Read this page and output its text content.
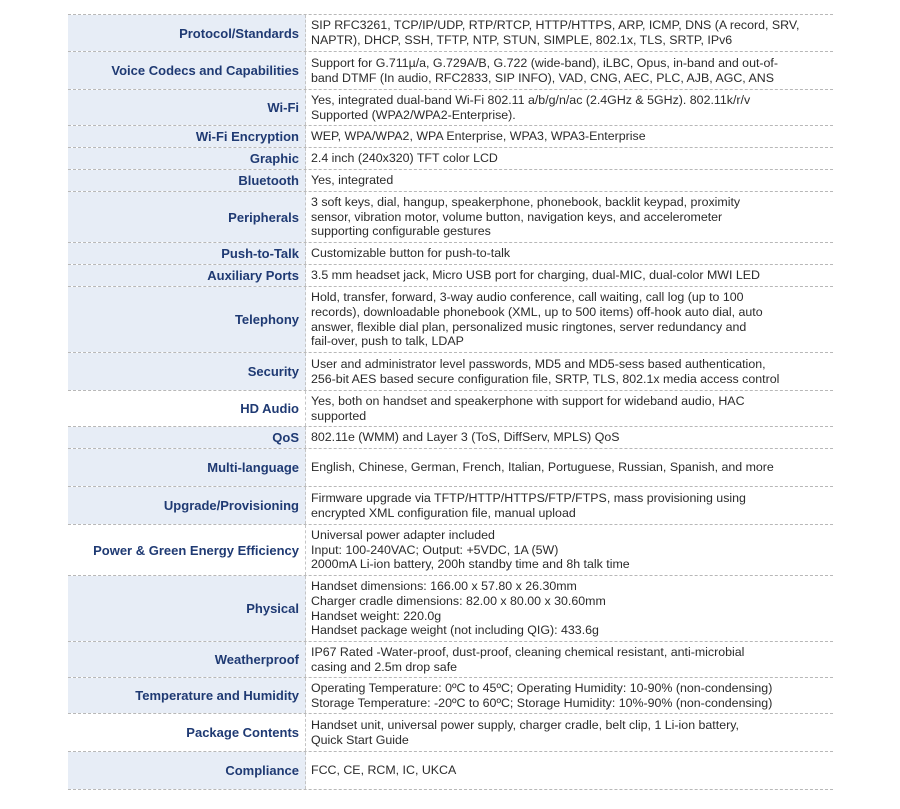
Protocol/Standards
SIP RFC3261, TCP/IP/UDP, RTP/RTCP, HTTP/HTTPS, ARP, ICMP, DNS (A record, SRV,
NAPTR), DHCP, SSH, TFTP, NTP, STUN, SIMPLE, 802.1x, TLS, SRTP, IPv6
Voice Codecs and Capabilities
Support for G.711µ/a, G.729A/B, G.722 (wide-band), iLBC, Opus, in-band and out-of-
band DTMF (In audio, RFC2833, SIP INFO), VAD, CNG, AEC, PLC, AJB, AGC, ANS
Wi-Fi
Yes, integrated dual-band Wi-Fi 802.11 a/b/g/n/ac (2.4GHz & 5GHz). 802.11k/r/v
Supported (WPA2/WPA2-Enterprise).
Wi-Fi Encryption WEP, WPA/WPA2, WPA Enterprise, WPA3, WPA3-Enterprise
Graphic 2.4 inch (240x320) TFT color LCD
Bluetooth Yes, integrated
Peripherals
3 soft keys, dial, hangup, speakerphone, phonebook, backlit keypad, proximity
sensor, vibration motor, volume button, navigation keys, and accelerometer
supporting configurable gestures
Push-to-Talk Customizable button for push-to-talk
Auxiliary Ports 3.5 mm headset jack, Micro USB port for charging, dual-MIC, dual-color MWI LED
Telephony
Hold, transfer, forward, 3-way audio conference, call waiting, call log (up to 100
records), downloadable phonebook (XML, up to 500 items) off-hook auto dial, auto
answer, flexible dial plan, personalized music ringtones, server redundancy and
fail-over, push to talk, LDAP
Security
User and administrator level passwords, MD5 and MD5-sess based authentication,
256-bit AES based secure configuration file, SRTP, TLS, 802.1x media access control
HD Audio
Yes, both on handset and speakerphone with support for wideband audio, HAC
supported
QoS 802.11e (WMM) and Layer 3 (ToS, DiffServ, MPLS) QoS
Multi-language English, Chinese, German, French, Italian, Portuguese, Russian, Spanish, and more
Upgrade/Provisioning
Firmware upgrade via TFTP/HTTP/HTTPS/FTP/FTPS, mass provisioning using
encrypted XML configuration file, manual upload
Power & Green Energy Efficiency
Universal power adapter included
Input: 100-240VAC; Output: +5VDC, 1A (5W)
2000mA Li-ion battery, 200h standby time and 8h talk time
Physical
Handset dimensions: 166.00 x 57.80 x 26.30mm
Charger cradle dimensions: 82.00 x 80.00 x 30.60mm
Handset weight: 220.0g
Handset package weight (not including QIG): 433.6g
Weatherproof
IP67 Rated -Water-proof, dust-proof, cleaning chemical resistant, anti-microbial
casing and 2.5m drop safe
Temperature and Humidity
Operating Temperature: 0ºC to 45ºC; Operating Humidity: 10-90% (non-condensing)
Storage Temperature: -20ºC to 60ºC; Storage Humidity: 10%-90% (non-condensing)
Package Contents
Handset unit, universal power supply, charger cradle, belt clip, 1 Li-ion battery,
Quick Start Guide
Compliance FCC, CE, RCM, IC, UKCA
